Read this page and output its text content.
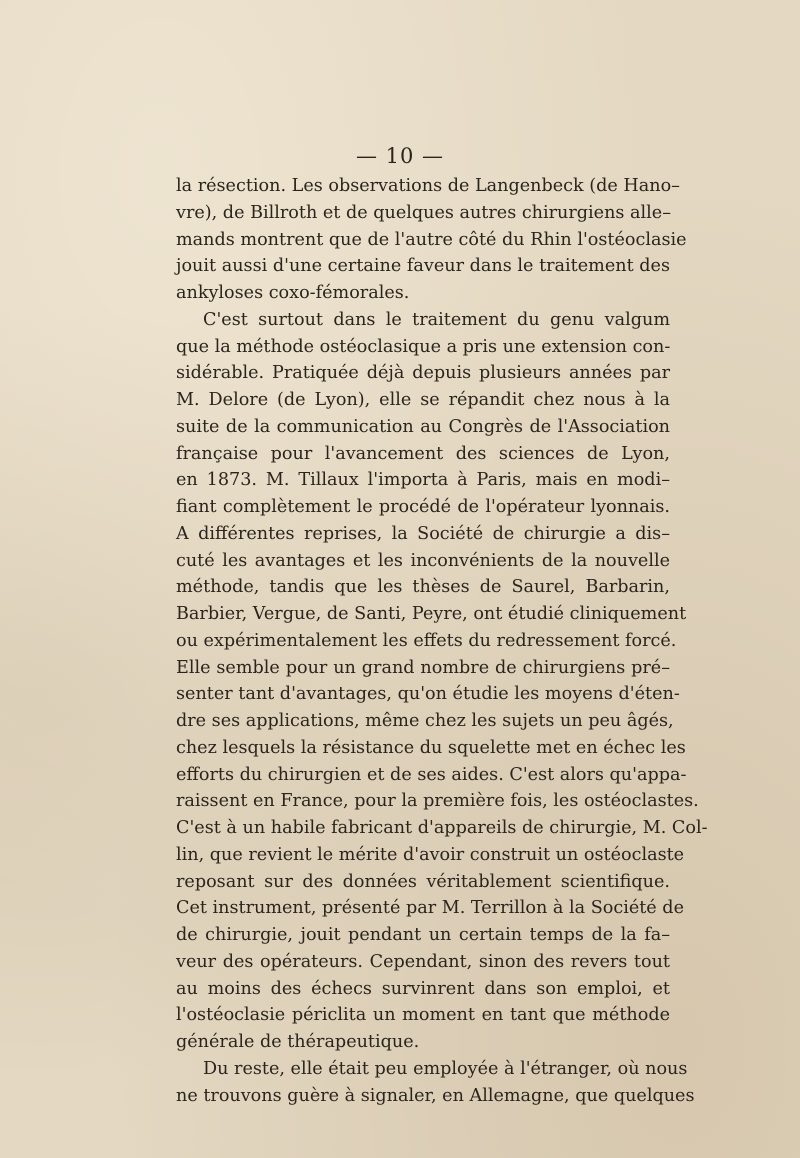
— 10 —
la résection. Les observations de Langenbeck (de Hano–
vre), de Billroth et de quelques autres chirurgiens alle–
mands montrent que de l'autre côté du Rhin l'ostéoclasie
jouit aussi d'une certaine faveur dans le traitement des
ankyloses coxo-fémorales.
C'est surtout dans le traitement du genu valgum
que la méthode ostéoclasique a pris une extension con-
sidérable. Pratiquée déjà depuis plusieurs années par
M. Delore (de Lyon), elle se répandit chez nous à la
suite de la communication au Congrès de l'Association
française pour l'avancement des sciences de Lyon,
en 1873. M. Tillaux l'importa à Paris, mais en modi–
fiant complètement le procédé de l'opérateur lyonnais.
A différentes reprises, la Société de chirurgie a dis–
cuté les avantages et les inconvénients de la nouvelle
méthode, tandis que les thèses de Saurel, Barbarin,
Barbier, Vergue, de Santi, Peyre, ont étudié cliniquement
ou expérimentalement les effets du redressement forcé.
Elle semble pour un grand nombre de chirurgiens pré–
senter tant d'avantages, qu'on étudie les moyens d'éten-
dre ses applications, même chez les sujets un peu âgés,
chez lesquels la résistance du squelette met en échec les
efforts du chirurgien et de ses aides. C'est alors qu'appa-
raissent en France, pour la première fois, les ostéoclastes.
C'est à un habile fabricant d'appareils de chirurgie, M. Col-
lin, que revient le mérite d'avoir construit un ostéoclaste
reposant sur des données véritablement scientifique.
Cet instrument, présenté par M. Terrillon à la Société de
de chirurgie, jouit pendant un certain temps de la fa–
veur des opérateurs. Cependant, sinon des revers tout
au moins des échecs survinrent dans son emploi, et
l'ostéoclasie périclita un moment en tant que méthode
générale de thérapeutique.
Du reste, elle était peu employée à l'étranger, où nous
ne trouvons guère à signaler, en Allemagne, que quelques
